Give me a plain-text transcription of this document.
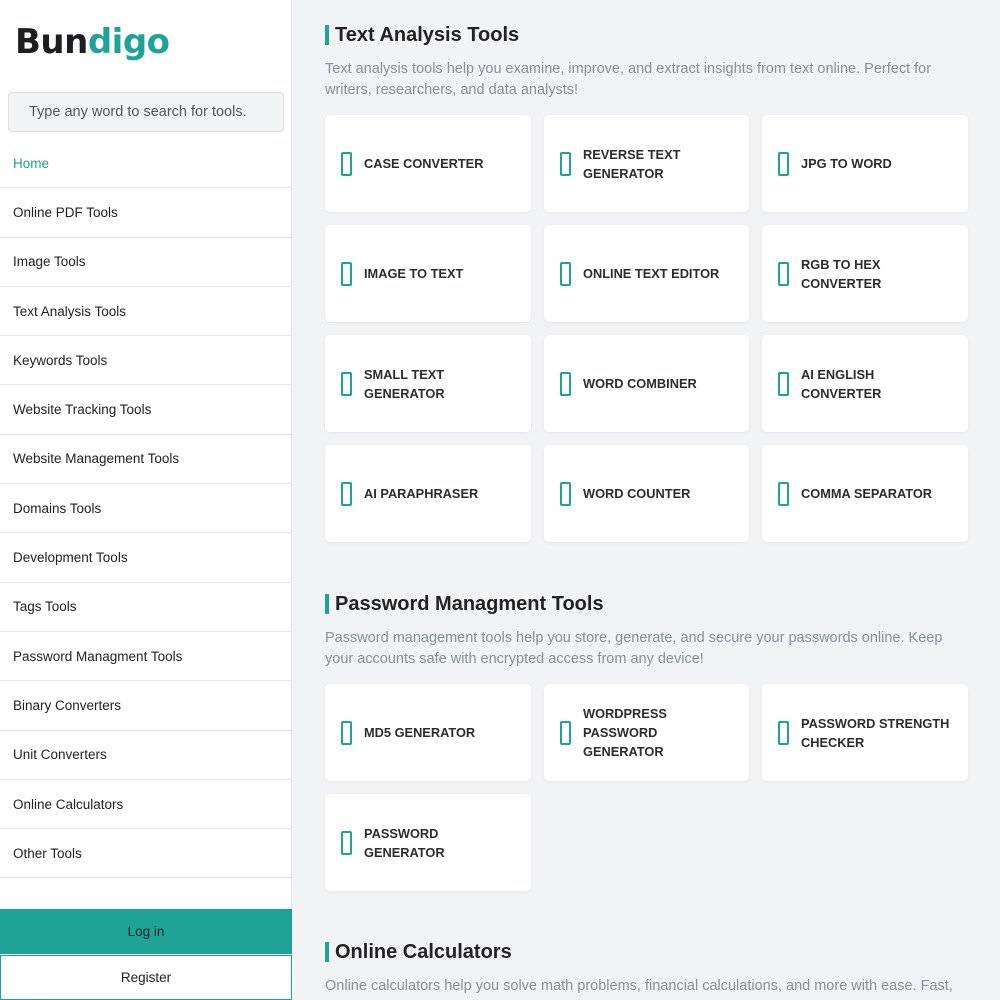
Bundigo
Type any word to search for tools.
Home
Online PDF Tools
Image Tools
Text Analysis Tools
Keywords Tools
Website Tracking Tools
Website Management Tools
Domains Tools
Development Tools
Tags Tools
Password Managment Tools
Binary Converters
Unit Converters
Online Calculators
Other Tools
Log in
Register
Text Analysis Tools

Text analysis tools help you examine, improve, and extract insights from text online. Perfect for writers, researchers, and data analysts!

CASE CONVERTER
REVERSE TEXT GENERATOR
JPG TO WORD
IMAGE TO TEXT	ONLINE TEXT EDITOR
RGB TO HEX CONVERTER
SMALL TEXT GENERATOR
WORD COMBINER
AI ENGLISH CONVERTER
AI PARAPHRASER	WORD COUNTER	COMMA SEPARATOR
Password Managment Tools

Password management tools help you store, generate, and secure your passwords online. Keep your accounts safe with encrypted access from any device!

MD5 GENERATOR
WORDPRESS PASSWORD GENERATOR
PASSWORD STRENGTH CHECKER
PASSWORD GENERATOR
Online Calculators

Online calculators help you solve math problems, financial calculations, and more with ease. Fast,
